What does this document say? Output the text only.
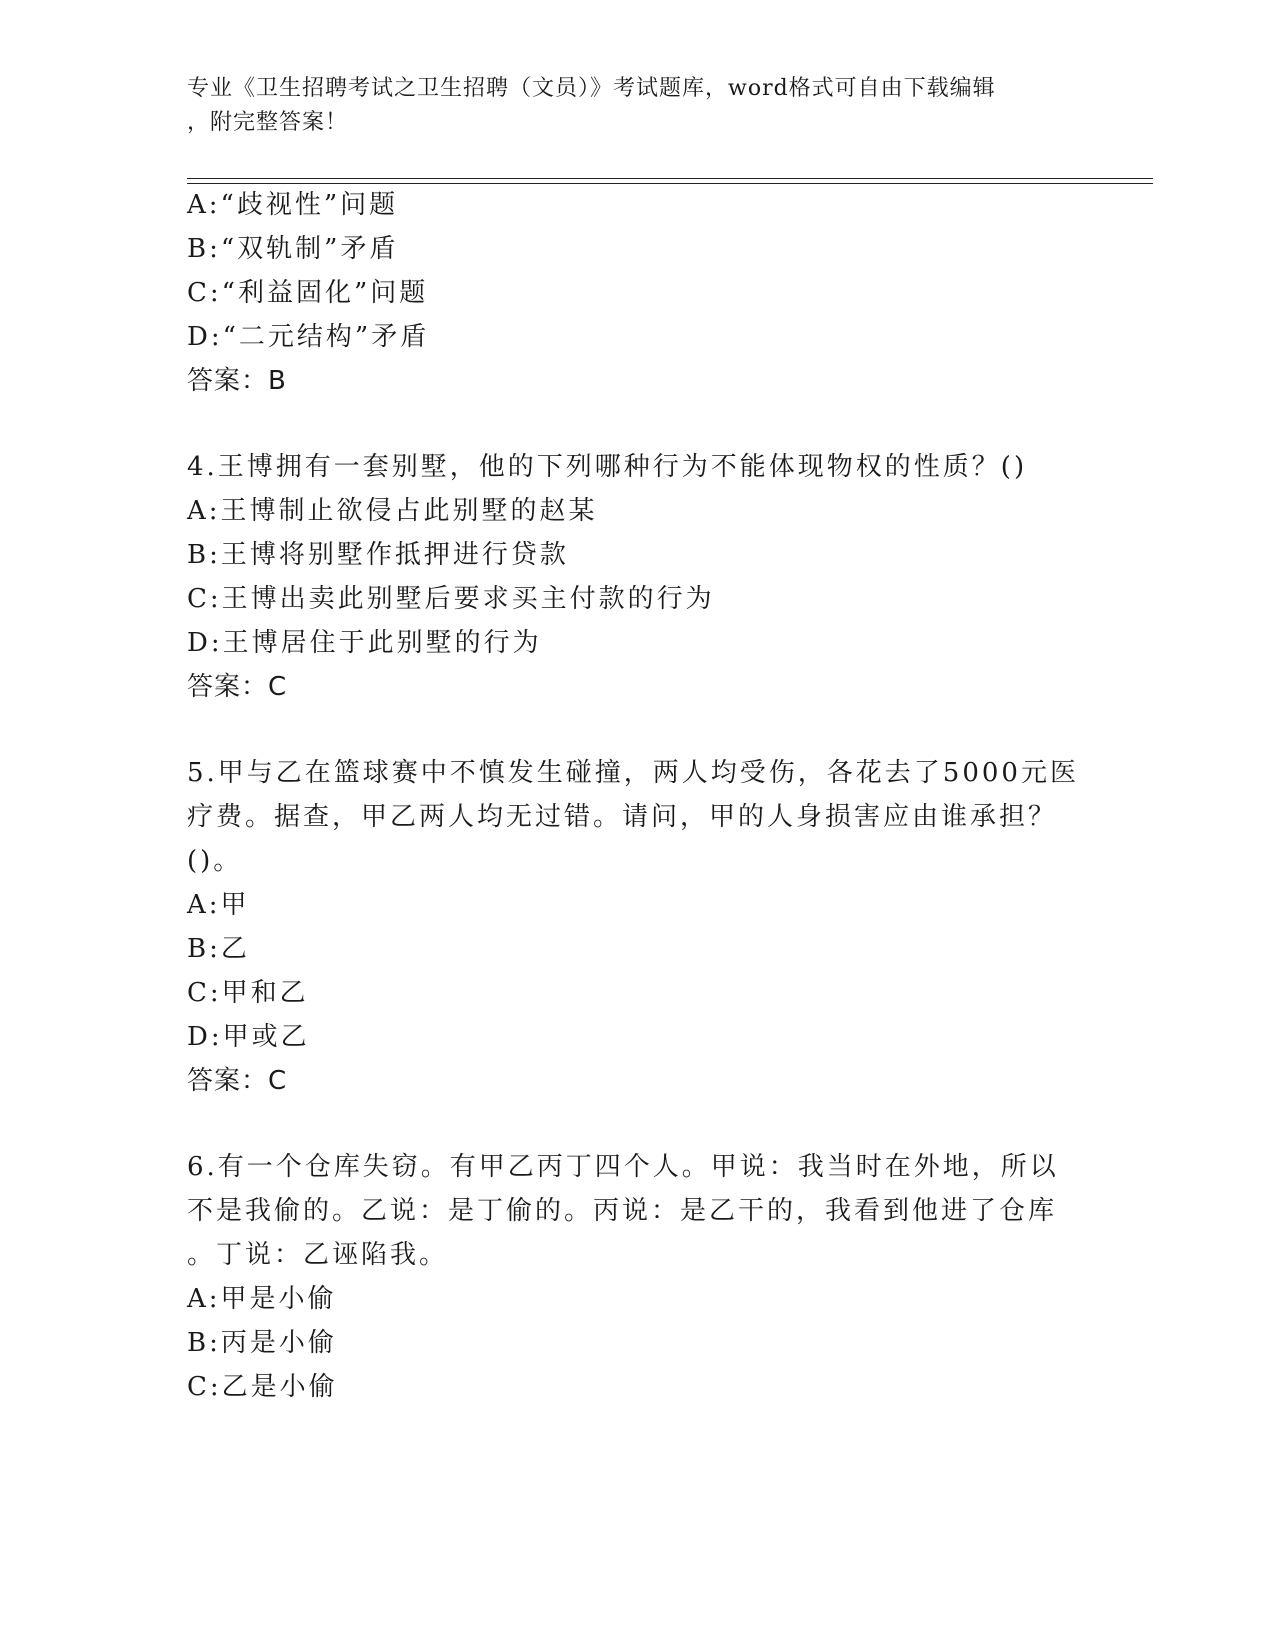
专业《卫生招聘考试之卫生招聘（文员）》考试题库，word格式可自由下载编辑
，附完整答案！
A:“歧视性”问题
B:“双轨制”矛盾
C:“利益固化”问题
D:“二元结构”矛盾
答案：B
4.王博拥有一套别墅，他的下列哪种行为不能体现物权的性质？()
A:王博制止欲侵占此别墅的赵某
B:王博将别墅作抵押进行贷款
C:王博出卖此别墅后要求买主付款的行为
D:王博居住于此别墅的行为
答案：C
5.甲与乙在篮球赛中不慎发生碰撞，两人均受伤，各花去了5000元医
疗费。据查，甲乙两人均无过错。请问，甲的人身损害应由谁承担？
()。
A:甲
B:乙
C:甲和乙
D:甲或乙
答案：C
6.有一个仓库失窃。有甲乙丙丁四个人。甲说：我当时在外地，所以
不是我偷的。乙说：是丁偷的。丙说：是乙干的，我看到他进了仓库
。丁说：乙诬陷我。
A:甲是小偷
B:丙是小偷
C:乙是小偷
